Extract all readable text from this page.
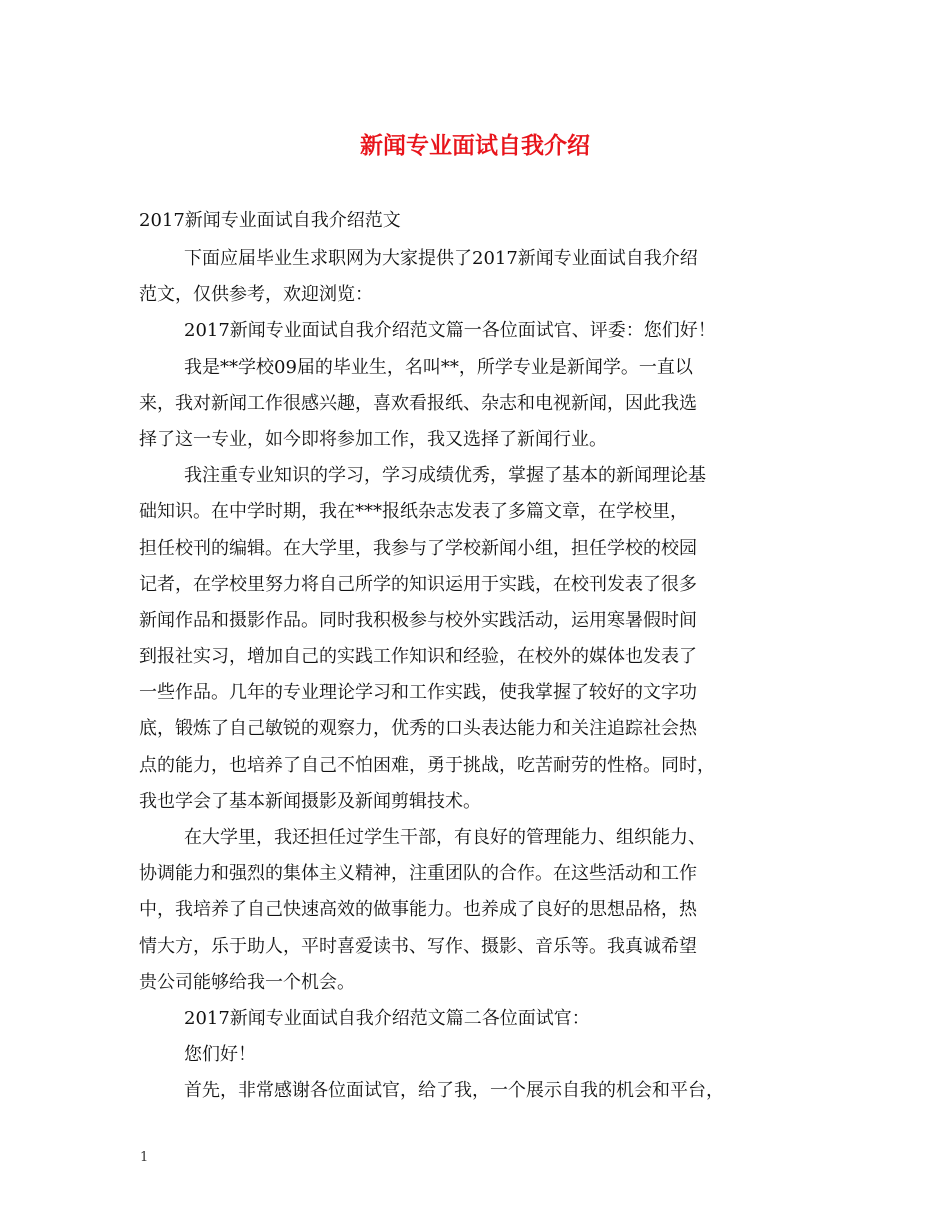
新闻专业面试自我介绍
2017新闻专业面试自我介绍范文
下面应届毕业生求职网为大家提供了2017新闻专业面试自我介绍
范文，仅供参考，欢迎浏览：
2017新闻专业面试自我介绍范文篇一各位面试官、评委：您们好！
我是**学校09届的毕业生，名叫**，所学专业是新闻学。一直以
来，我对新闻工作很感兴趣，喜欢看报纸、杂志和电视新闻，因此我选
择了这一专业，如今即将参加工作，我又选择了新闻行业。
我注重专业知识的学习，学习成绩优秀，掌握了基本的新闻理论基
础知识。在中学时期，我在***报纸杂志发表了多篇文章，在学校里，
担任校刊的编辑。在大学里，我参与了学校新闻小组，担任学校的校园
记者，在学校里努力将自己所学的知识运用于实践，在校刊发表了很多
新闻作品和摄影作品。同时我积极参与校外实践活动，运用寒暑假时间
到报社实习，增加自己的实践工作知识和经验，在校外的媒体也发表了
一些作品。几年的专业理论学习和工作实践，使我掌握了较好的文字功
底，锻炼了自己敏锐的观察力，优秀的口头表达能力和关注追踪社会热
点的能力，也培养了自己不怕困难，勇于挑战，吃苦耐劳的性格。同时，
我也学会了基本新闻摄影及新闻剪辑技术。
在大学里，我还担任过学生干部，有良好的管理能力、组织能力、
协调能力和强烈的集体主义精神，注重团队的合作。在这些活动和工作
中，我培养了自己快速高效的做事能力。也养成了良好的思想品格，热
情大方，乐于助人，平时喜爱读书、写作、摄影、音乐等。我真诚希望
贵公司能够给我一个机会。
2017新闻专业面试自我介绍范文篇二各位面试官：
您们好！
首先，非常感谢各位面试官，给了我，一个展示自我的机会和平台，
1
